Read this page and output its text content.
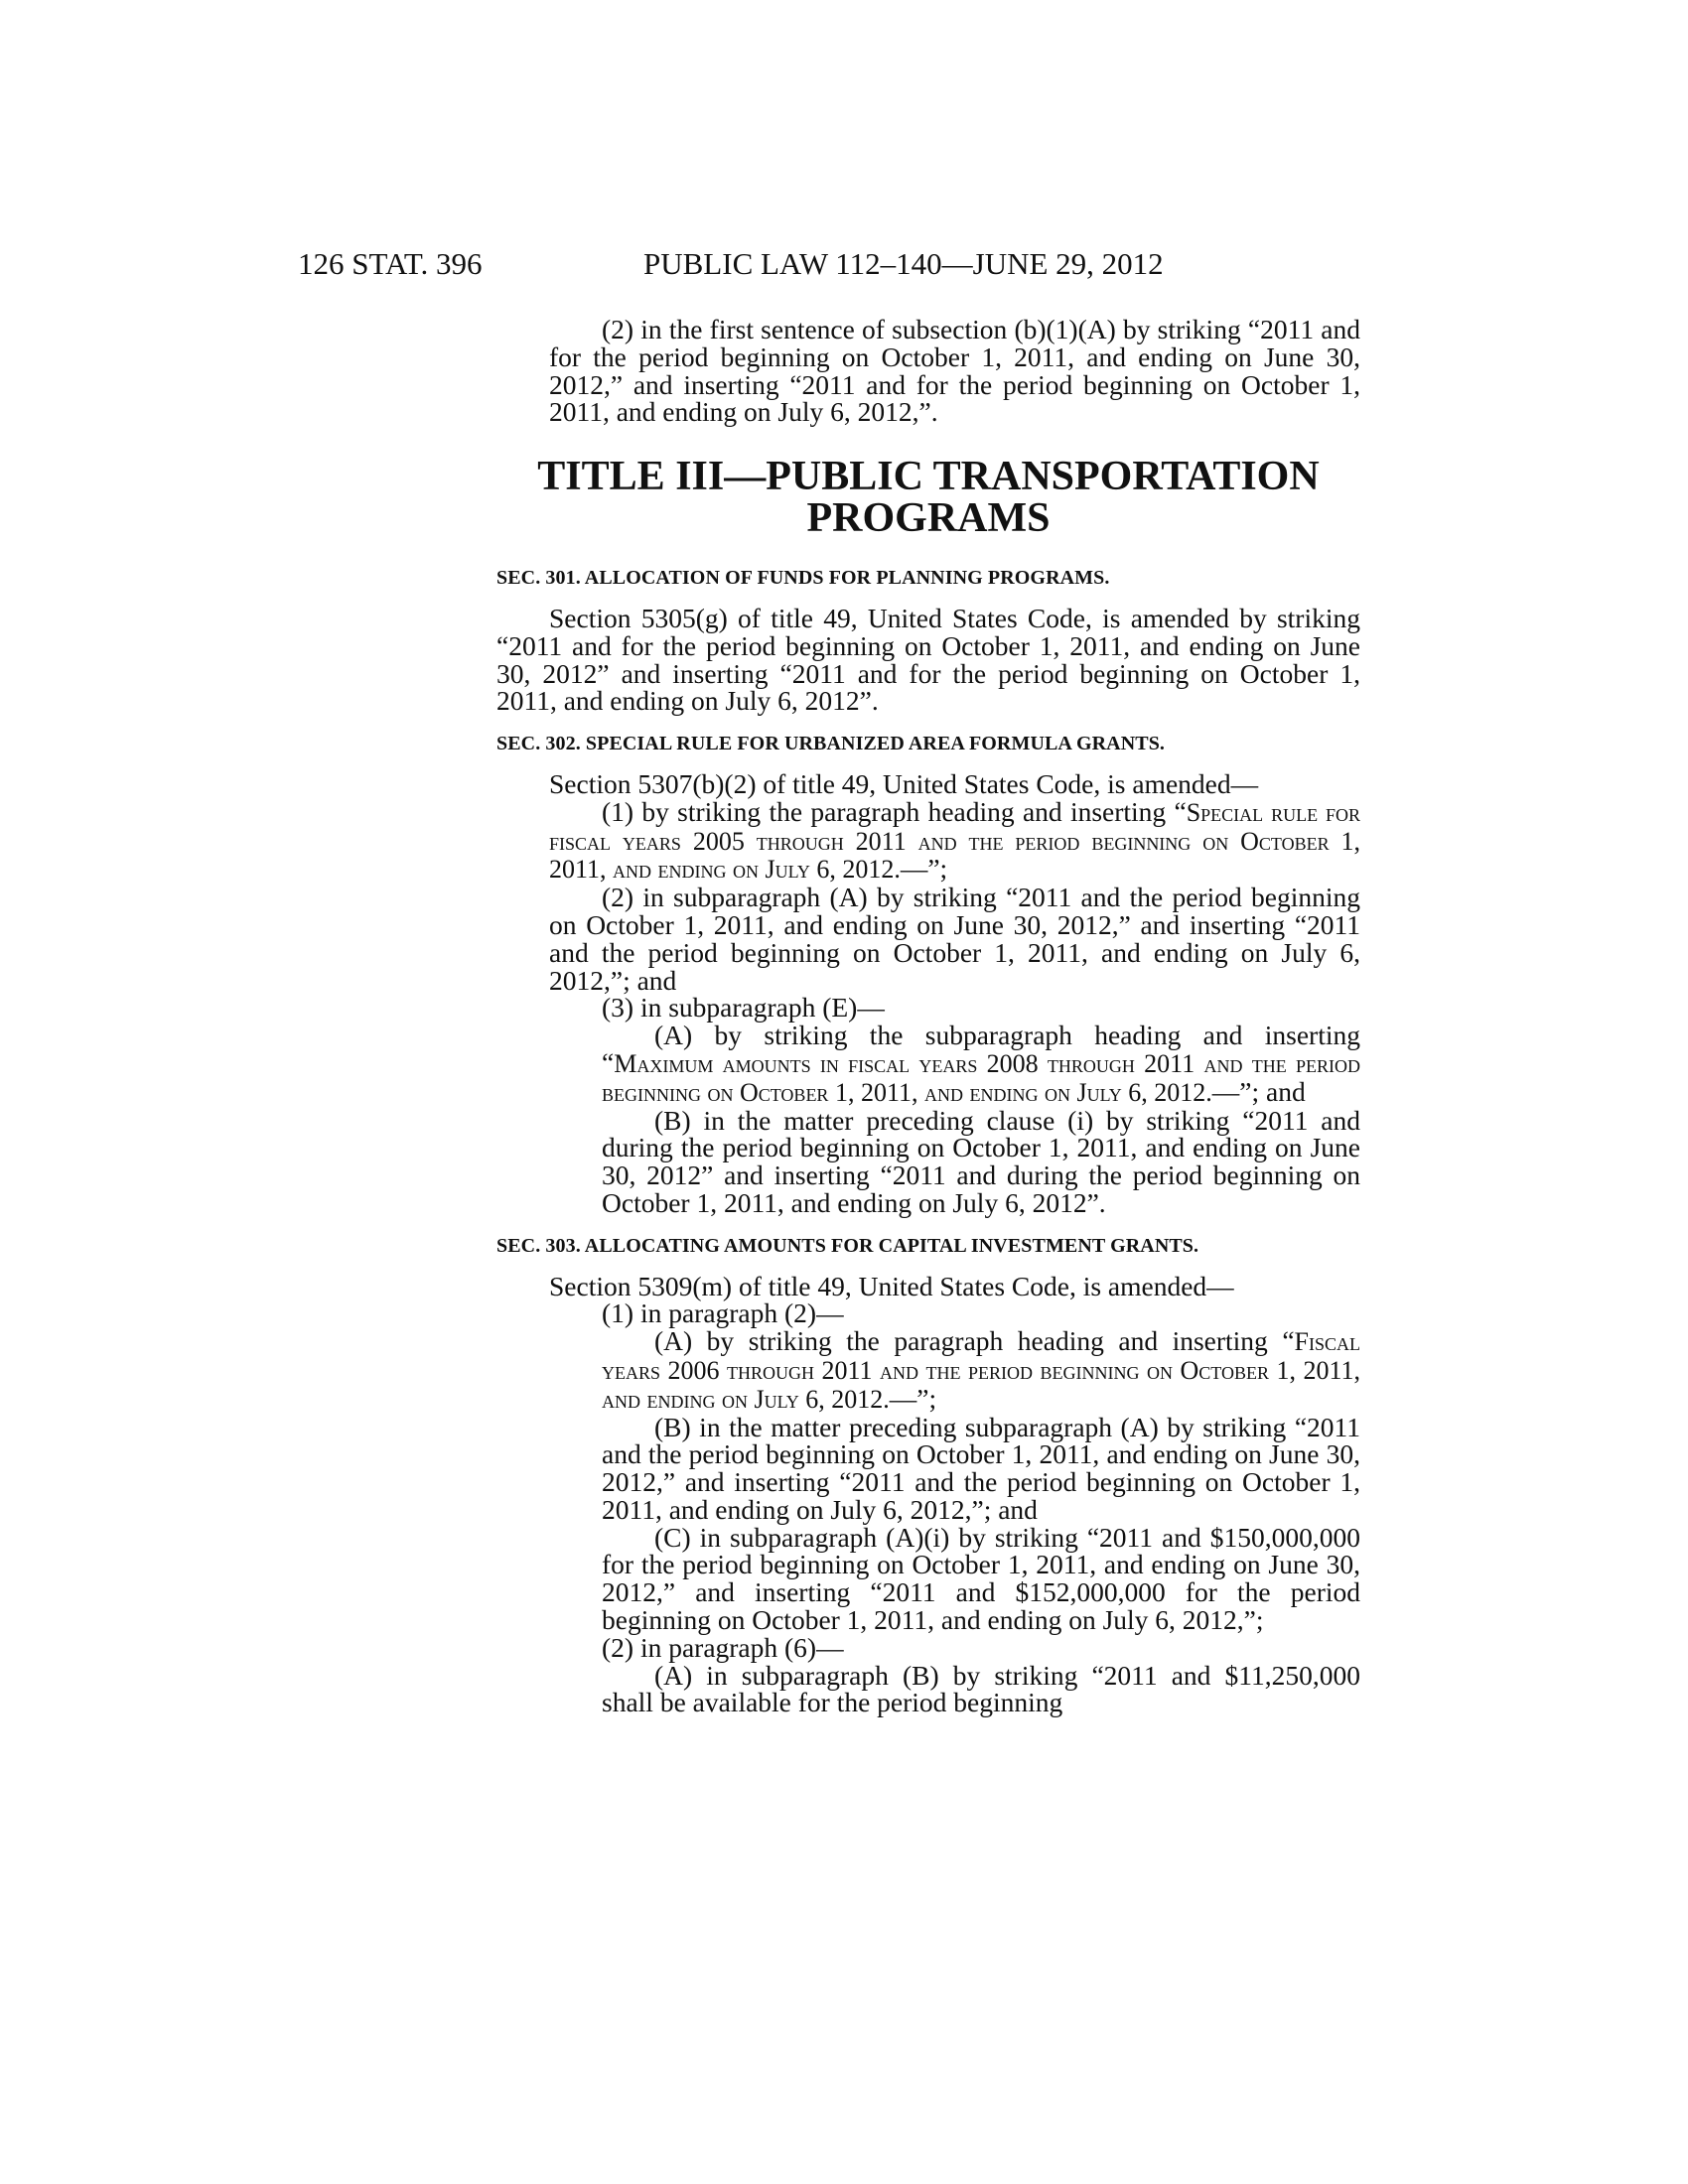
126 STAT. 396	PUBLIC LAW 112–140—JUNE 29, 2012

(2) in the first sentence of subsection (b)(1)(A) by striking “2011 and for the period beginning on October 1, 2011, and ending on June 30, 2012,” and inserting “2011 and for the period beginning on October 1, 2011, and ending on July 6, 2012,”.

TITLE III—PUBLIC TRANSPORTATION
PROGRAMS
SEC. 301. ALLOCATION OF FUNDS FOR PLANNING PROGRAMS.

Section 5305(g) of title 49, United States Code, is amended by striking “2011 and for the period beginning on October 1, 2011, and ending on June 30, 2012” and inserting “2011 and for the period beginning on October 1, 2011, and ending on July 6, 2012”.

SEC. 302. SPECIAL RULE FOR URBANIZED AREA FORMULA GRANTS.

Section 5307(b)(2) of title 49, United States Code, is amended—

(1) by striking the paragraph heading and inserting “Special rule for fiscal years 2005 through 2011 and the period beginning on October 1, 2011, and ending on July 6, 2012.—”;

(2) in subparagraph (A) by striking “2011 and the period beginning on October 1, 2011, and ending on June 30, 2012,” and inserting “2011 and the period beginning on October 1, 2011, and ending on July 6, 2012,”; and

(3) in subparagraph (E)—

(A) by striking the subparagraph heading and inserting “Maximum amounts in fiscal years 2008 through 2011 and the period beginning on October 1, 2011, and ending on July 6, 2012.—”; and

(B) in the matter preceding clause (i) by striking “2011 and during the period beginning on October 1, 2011, and ending on June 30, 2012” and inserting “2011 and during the period beginning on October 1, 2011, and ending on July 6, 2012”.

SEC. 303. ALLOCATING AMOUNTS FOR CAPITAL INVESTMENT GRANTS.

Section 5309(m) of title 49, United States Code, is amended—

(1) in paragraph (2)—

(A) by striking the paragraph heading and inserting “Fiscal years 2006 through 2011 and the period beginning on October 1, 2011, and ending on July 6, 2012.—”;

(B) in the matter preceding subparagraph (A) by striking “2011 and the period beginning on October 1, 2011, and ending on June 30, 2012,” and inserting “2011 and the period beginning on October 1, 2011, and ending on July 6, 2012,”; and

(C) in subparagraph (A)(i) by striking “2011 and $150,000,000 for the period beginning on October 1, 2011, and ending on June 30, 2012,” and inserting “2011 and $152,000,000 for the period beginning on October 1, 2011, and ending on July 6, 2012,”;

(2) in paragraph (6)—

(A) in subparagraph (B) by striking “2011 and $11,250,000 shall be available for the period beginning
